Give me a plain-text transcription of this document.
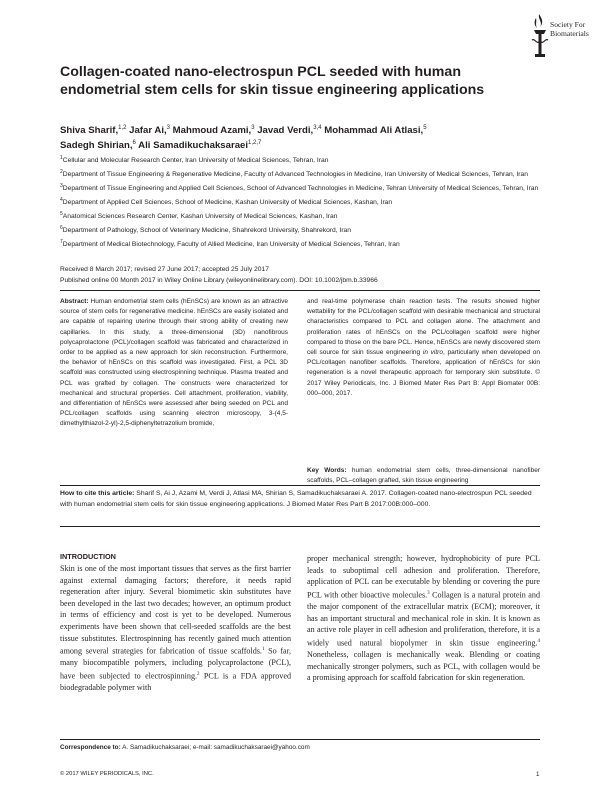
Society For
Biomaterials
Collagen-coated nano-electrospun PCL seeded with human endometrial stem cells for skin tissue engineering applications
Shiva Sharif,$^{1,2}$ Jafar Ai,$^3$ Mahmoud Azami,$^3$ Javad Verdi,$^{3,4}$ Mohammad Ali Atlasi,$^5$
Sadegh Shirian,$^6$ Ali Samadikuchaksaraei$^{1,2,7}$
$^1$Cellular and Molecular Research Center, Iran University of Medical Sciences, Tehran, Iran
$^2$Department of Tissue Engineering & Regenerative Medicine, Faculty of Advanced Technologies in Medicine, Iran University of Medical Sciences, Tehran, Iran
$^3$Department of Tissue Engineering and Applied Cell Sciences, School of Advanced Technologies in Medicine, Tehran University of Medical Sciences, Tehran, Iran
$^4$Department of Applied Cell Sciences, School of Medicine, Kashan University of Medical Sciences, Kashan, Iran
$^5$Anatomical Sciences Research Center, Kashan University of Medical Sciences, Kashan, Iran
$^6$Department of Pathology, School of Veterinary Medicine, Shahrekord University, Shahrekord, Iran
$^7$Department of Medical Biotechnology, Faculty of Allied Medicine, Iran University of Medical Sciences, Tehran, Iran
Received 8 March 2017; revised 27 June 2017; accepted 25 July 2017
Published online 00 Month 2017 in Wiley Online Library (wileyonlinelibrary.com). DOI: 10.1002/jbm.b.33966
Abstract: Human endometrial stem cells (hEnSCs) are known as an attractive source of stem cells for regenerative medicine. hEnSCs are easily isolated and are capable of repairing uterine through their strong ability of creating new capillaries. In this study, a three-dimensional (3D) nanofibrous polycaprolactone (PCL)/collagen scaffold was fabricated and characterized in order to be applied as a new approach for skin reconstruction. Furthermore, the behavior of hEnSCs on this scaffold was investigated. First, a PCL 3D scaffold was constructed using electrospinning technique. Plasma treated and PCL was grafted by collagen. The constructs were characterized for mechanical and structural properties. Cell attachment, proliferation, viability, and differentiation of hEnSCs were assessed after being seeded on PCL and PCL/collagen scaffolds using scanning electron microscopy, 3-(4,5-dimethylthiazol-2-yl)-2,5-diphenyltetrazolium bromide,
and real-time polymerase chain reaction tests. The results showed higher wettability for the PCL/collagen scaffold with desirable mechanical and structural characteristics compared to PCL and collagen alone. The attachment and proliferation rates of hEnSCs on the PCL/collagen scaffold were higher compared to those on the bare PCL. Hence, hEnSCs are newly discovered stem cell source for skin tissue engineering in vitro, particularly when developed on PCL/collagen nanofiber scaffolds. Therefore, application of hEnSCs for skin regeneration is a novel therapeutic approach for temporary skin substitute. © 2017 Wiley Periodicals, Inc. J Biomed Mater Res Part B: Appl Biomater 00B: 000–000, 2017.
Key Words: human endometrial stem cells, three-dimensional nanofiber scaffolds, PCL–collagen grafted, skin tissue engineering
How to cite this article: Sharif S, Ai J, Azami M, Verdi J, Atlasi MA, Shirian S, Samadikuchaksaraei A. 2017. Collagen-coated nano-electrospun PCL seeded with human endometrial stem cells for skin tissue engineering applications. J Biomed Mater Res Part B 2017:00B:000–000.
INTRODUCTION
Skin is one of the most important tissues that serves as the first barrier against external damaging factors; therefore, it needs rapid regeneration after injury. Several biomimetic skin substitutes have been developed in the last two decades; however, an optimum product in terms of efficiency and cost is yet to be developed. Numerous experiments have been shown that cell-seeded scaffolds are the best tissue substitutes. Electrospinning has recently gained much attention among several strategies for fabrication of tissue scaffolds.$^1$ So far, many biocompatible polymers, including polycaprolactone (PCL), have been subjected to electrospinning.$^2$ PCL is a FDA approved biodegradable polymer with
proper mechanical strength; however, hydrophobicity of pure PCL leads to suboptimal cell adhesion and proliferation. Therefore, application of PCL can be executable by blending or covering the pure PCL with other bioactive molecules.$^3$ Collagen is a natural protein and the major component of the extracellular matrix (ECM); moreover, it has an important structural and mechanical role in skin. It is known as an active role player in cell adhesion and proliferation, therefore, it is a widely used natural biopolymer in skin tissue engineering.$^4$ Nonetheless, collagen is mechanically weak. Blending or coating mechanically stronger polymers, such as PCL, with collagen would be a promising approach for scaffold fabrication for skin regeneration.
Correspondence to: A. Samadikuchaksaraei; e-mail: samadikuchaksaraei@yahoo.com
© 2017 WILEY PERIODICALS, INC.	1
